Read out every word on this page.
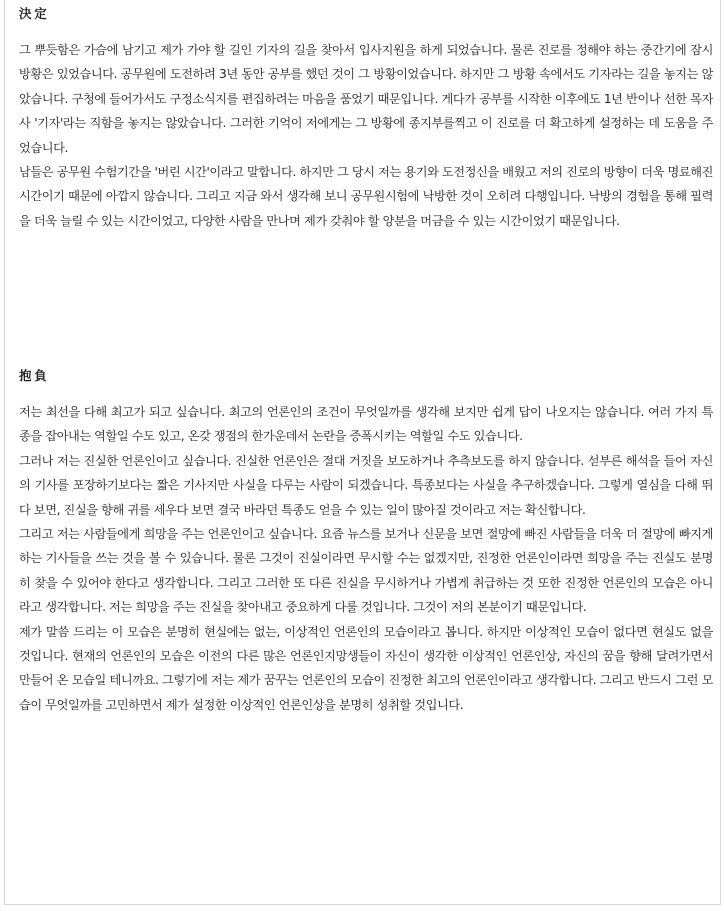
決定

그 뿌듯함은 가슴에 남기고 제가 가야 할 길인 기자의 길을 찾아서 입사지원을 하게 되었습니다. 물론 진로를 정해야 하는 중간기에 잠시 방황은 있었습니다. 공무원에 도전하려 3년 동안 공부를 했던 것이 그 방황이었습니다. 하지만 그 방황 속에서도 기자라는 길을 놓지는 않았습니다. 구청에 들어가서도 구정소식지를 편집하려는 마음을 품었기 때문입니다. 게다가 공부를 시작한 이후에도 1년 반이나 선한 목자사 '기자'라는 직함을 놓지는 않았습니다. 그러한 기억이 저에게는 그 방황에 종지부를찍고 이 진로를 더 확고하게 설정하는 데 도움을 주었습니다.

남들은 공무원 수험기간을 '버린 시간'이라고 말합니다. 하지만 그 당시 저는 용기와 도전정신을 배웠고 저의 진로의 방향이 더욱 명료해진 시간이기 때문에 아깝지 않습니다. 그리고 지금 와서 생각해 보니 공무원시험에 낙방한 것이 오히려 다행입니다. 낙방의 경험을 통해 필력을 더욱 늘릴 수 있는 시간이었고, 다양한 사람을 만나며 제가 갖춰야 할 양분을 머금을 수 있는 시간이었기 때문입니다.

抱負

저는 최선을 다해 최고가 되고 싶습니다. 최고의 언론인의 조건이 무엇일까를 생각해 보지만 쉽게 답이 나오지는 않습니다. 여러 가지 특종을 잡아내는 역할일 수도 있고, 온갖 쟁점의 한가운데서 논란을 증폭시키는 역할일 수도 있습니다.

그러나 저는 진실한 언론인이고 싶습니다. 진실한 언론인은 절대 거짓을 보도하거나 추측보도를 하지 않습니다. 섣부른 해석을 들어 자신의 기사를 포장하기보다는 짧은 기사지만 사실을 다루는 사람이 되겠습니다. 특종보다는 사실을 추구하겠습니다. 그렇게 열심을 다해 뛰다 보면, 진실을 향해 귀를 세우다 보면 결국 바라던 특종도 얻을 수 있는 일이 많아질 것이라고 저는 확신합니다.

그리고 저는 사람들에게 희망을 주는 언론인이고 싶습니다. 요즘 뉴스를 보거나 신문을 보면 절망에 빠진 사람들을 더욱 더 절망에 빠지게 하는 기사들을 쓰는 것을 볼 수 있습니다. 물론 그것이 진실이라면 무시할 수는 없겠지만, 진정한 언론인이라면 희망을 주는 진실도 분명히 찾을 수 있어야 한다고 생각합니다. 그리고 그러한 또 다른 진실을 무시하거나 가볍게 취급하는 것 또한 진정한 언론인의 모습은 아니라고 생각합니다. 저는 희망을 주는 진실을 찾아내고 중요하게 다룰 것입니다. 그것이 저의 본분이기 때문입니다.

제가 말씀 드리는 이 모습은 분명히 현실에는 없는, 이상적인 언론인의 모습이라고 봅니다. 하지만 이상적인 모습이 없다면 현실도 없을 것입니다. 현재의 언론인의 모습은 이전의 다른 많은 언론인지망생들이 자신이 생각한 이상적인 언론인상, 자신의 꿈을 향해 달려가면서 만들어 온 모습일 테니까요. 그렇기에 저는 제가 꿈꾸는 언론인의 모습이 진정한 최고의 언론인이라고 생각합니다. 그리고 반드시 그런 모습이 무엇일까를 고민하면서 제가 설정한 이상적인 언론인상을 분명히 성취할 것입니다.
